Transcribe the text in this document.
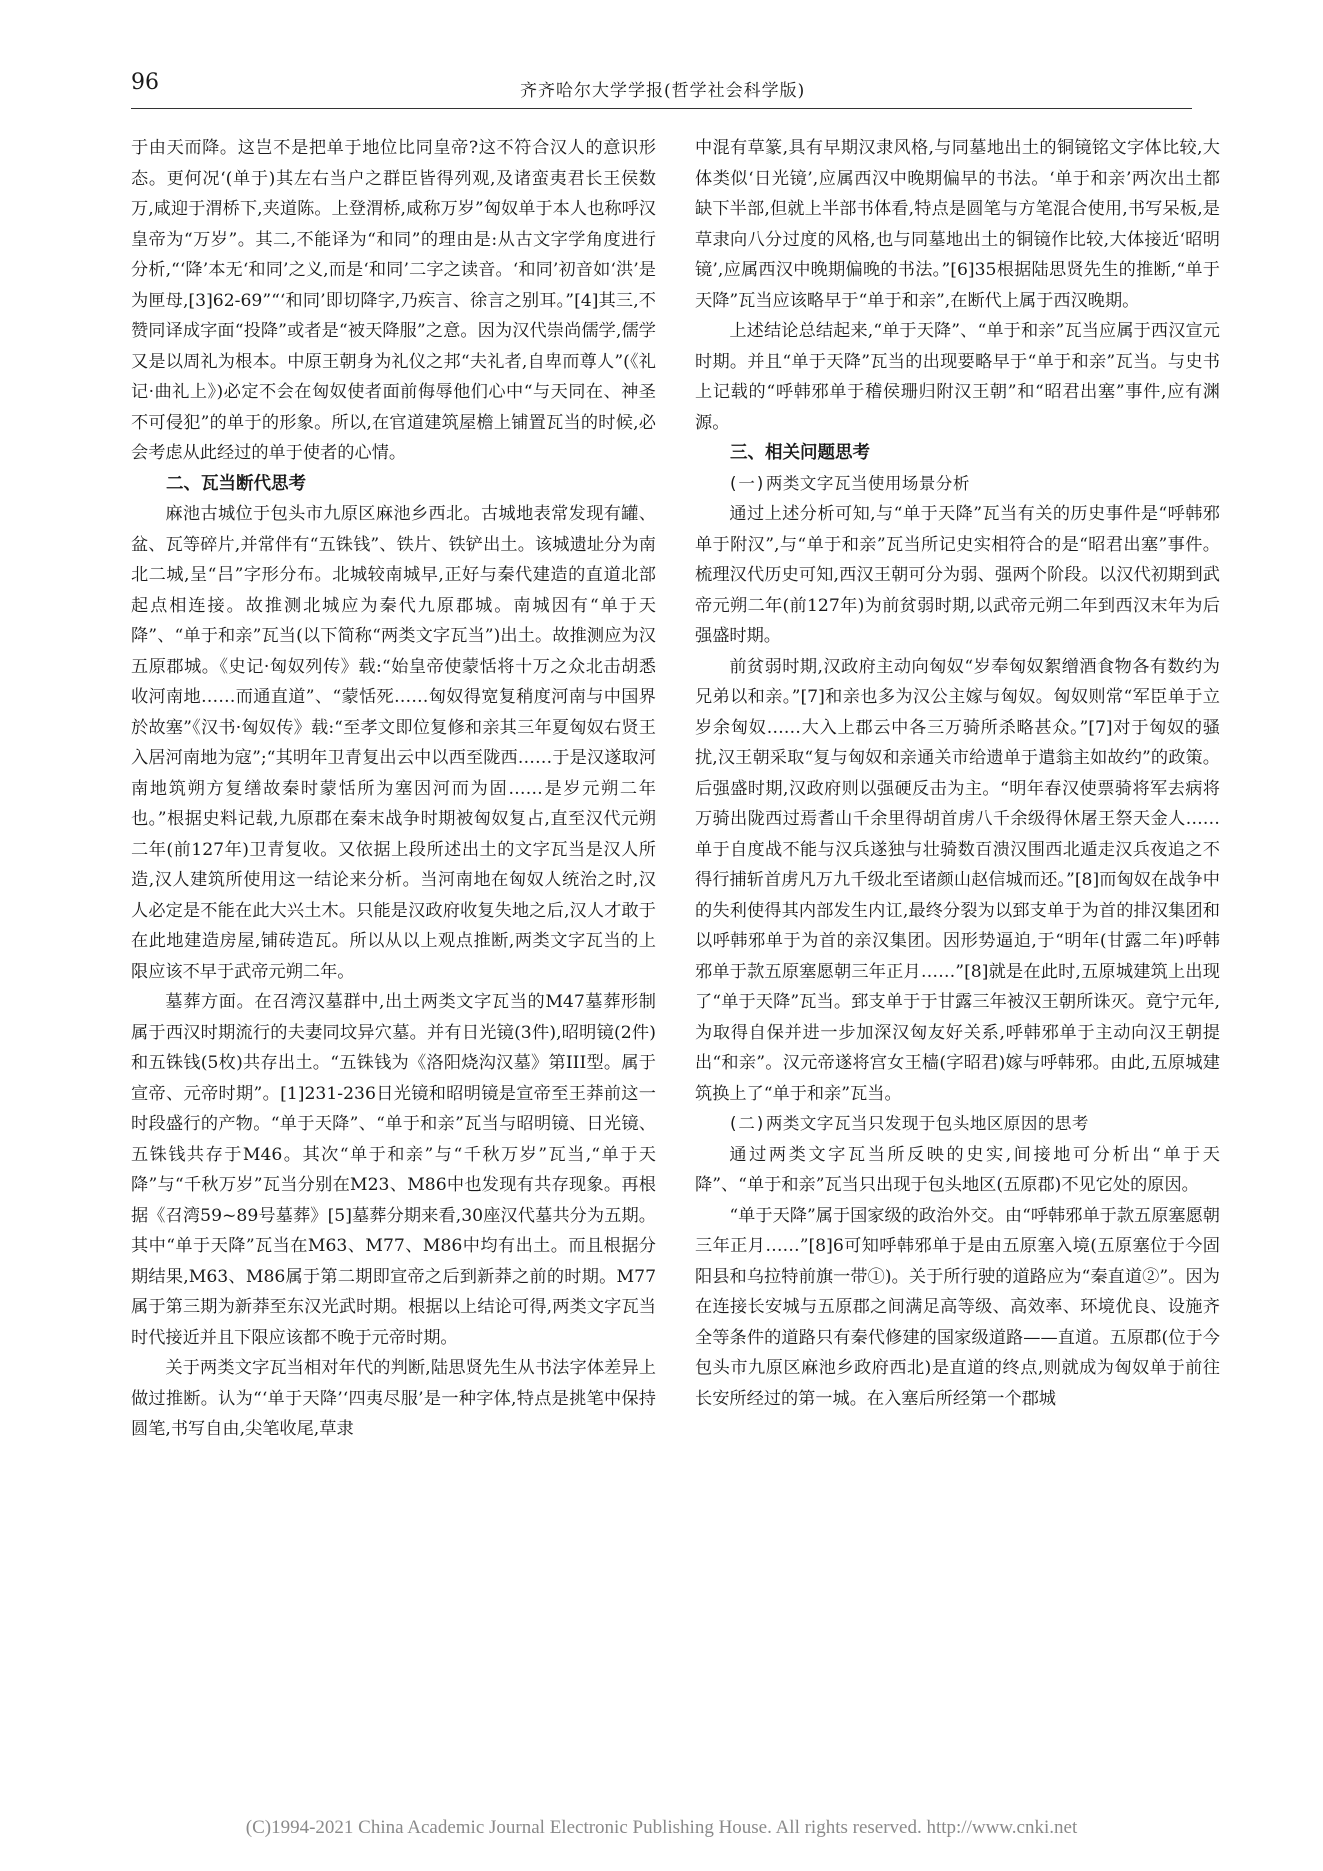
96	齐齐哈尔大学学报(哲学社会科学版)

于由天而降。这岂不是把单于地位比同皇帝?这不符合汉人的意识形态。更何况‘(单于)其左右当户之群臣皆得列观,及诸蛮夷君长王侯数万,咸迎于渭桥下,夹道陈。上登渭桥,咸称万岁”匈奴单于本人也称呼汉皇帝为“万岁”。其二,不能译为“和同”的理由是:从古文字学角度进行分析,“‘降’本无‘和同’之义,而是‘和同’二字之读音。‘和同’初音如‘洪’是为匣母,[3]62-69”“‘和同’即切降字,乃疾言、徐言之别耳。”[4]其三,不赞同译成字面“投降”或者是“被天降服”之意。因为汉代崇尚儒学,儒学又是以周礼为根本。中原王朝身为礼仪之邦“夫礼者,自卑而尊人”(《礼记·曲礼上》)必定不会在匈奴使者面前侮辱他们心中“与天同在、神圣不可侵犯”的单于的形象。所以,在官道建筑屋檐上铺置瓦当的时候,必会考虑从此经过的单于使者的心情。

二、瓦当断代思考

麻池古城位于包头市九原区麻池乡西北。古城地表常发现有罐、盆、瓦等碎片,并常伴有“五铢钱”、铁片、铁铲出土。该城遗址分为南北二城,呈“吕”字形分布。北城较南城早,正好与秦代建造的直道北部起点相连接。故推测北城应为秦代九原郡城。南城因有“单于天降”、“单于和亲”瓦当(以下简称“两类文字瓦当”)出土。故推测应为汉五原郡城。《史记·匈奴列传》载:“始皇帝使蒙恬将十万之众北击胡悉收河南地……而通直道”、“蒙恬死……匈奴得宽复稍度河南与中国界於故塞”《汉书·匈奴传》载:“至孝文即位复修和亲其三年夏匈奴右贤王入居河南地为寇”;“其明年卫青复出云中以西至陇西……于是汉遂取河南地筑朔方复缮故秦时蒙恬所为塞因河而为固……是岁元朔二年也。”根据史料记载,九原郡在秦末战争时期被匈奴复占,直至汉代元朔二年(前127年)卫青复收。又依据上段所述出土的文字瓦当是汉人所造,汉人建筑所使用这一结论来分析。当河南地在匈奴人统治之时,汉人必定是不能在此大兴土木。只能是汉政府收复失地之后,汉人才敢于在此地建造房屋,铺砖造瓦。所以从以上观点推断,两类文字瓦当的上限应该不早于武帝元朔二年。

墓葬方面。在召湾汉墓群中,出土两类文字瓦当的M47墓葬形制属于西汉时期流行的夫妻同坟异穴墓。并有日光镜(3件),昭明镜(2件)和五铢钱(5枚)共存出土。“五铢钱为《洛阳烧沟汉墓》第III型。属于宣帝、元帝时期”。[1]231-236日光镜和昭明镜是宣帝至王莽前这一时段盛行的产物。“单于天降”、“单于和亲”瓦当与昭明镜、日光镜、五铢钱共存于M46。其次“单于和亲”与“千秋万岁”瓦当,“单于天降”与“千秋万岁”瓦当分别在M23、M86中也发现有共存现象。再根据《召湾59~89号墓葬》[5]墓葬分期来看,30座汉代墓共分为五期。其中“单于天降”瓦当在M63、M77、M86中均有出土。而且根据分期结果,M63、M86属于第二期即宣帝之后到新莽之前的时期。M77属于第三期为新莽至东汉光武时期。根据以上结论可得,两类文字瓦当时代接近并且下限应该都不晚于元帝时期。

关于两类文字瓦当相对年代的判断,陆思贤先生从书法字体差异上做过推断。认为“‘单于天降’‘四夷尽服’是一种字体,特点是挑笔中保持圆笔,书写自由,尖笔收尾,草隶

中混有草篆,具有早期汉隶风格,与同墓地出土的铜镜铭文字体比较,大体类似‘日光镜’,应属西汉中晚期偏早的书法。‘单于和亲’两次出土都缺下半部,但就上半部书体看,特点是圆笔与方笔混合使用,书写呆板,是草隶向八分过度的风格,也与同墓地出土的铜镜作比较,大体接近‘昭明镜’,应属西汉中晚期偏晚的书法。”[6]35根据陆思贤先生的推断,“单于天降”瓦当应该略早于“单于和亲”,在断代上属于西汉晚期。

上述结论总结起来,“单于天降”、“单于和亲”瓦当应属于西汉宣元时期。并且“单于天降”瓦当的出现要略早于“单于和亲”瓦当。与史书上记载的“呼韩邪单于稽侯珊归附汉王朝”和“昭君出塞”事件,应有渊源。

三、相关问题思考
(一)两类文字瓦当使用场景分析

通过上述分析可知,与“单于天降”瓦当有关的历史事件是“呼韩邪单于附汉”,与“单于和亲”瓦当所记史实相符合的是“昭君出塞”事件。梳理汉代历史可知,西汉王朝可分为弱、强两个阶段。以汉代初期到武帝元朔二年(前127年)为前贫弱时期,以武帝元朔二年到西汉末年为后强盛时期。

前贫弱时期,汉政府主动向匈奴“岁奉匈奴絮缯酒食物各有数约为兄弟以和亲。”[7]和亲也多为汉公主嫁与匈奴。匈奴则常“军臣单于立岁余匈奴……大入上郡云中各三万骑所杀略甚众。”[7]对于匈奴的骚扰,汉王朝采取“复与匈奴和亲通关市给遗单于遣翁主如故约”的政策。后强盛时期,汉政府则以强硬反击为主。“明年春汉使票骑将军去病将万骑出陇西过焉耆山千余里得胡首虏八千余级得休屠王祭天金人……单于自度战不能与汉兵遂独与壮骑数百溃汉围西北遁走汉兵夜追之不得行捕斩首虏凡万九千级北至诸颜山赵信城而还。”[8]而匈奴在战争中的失利使得其内部发生内讧,最终分裂为以郅支单于为首的排汉集团和以呼韩邪单于为首的亲汉集团。因形势逼迫,于“明年(甘露二年)呼韩邪单于款五原塞愿朝三年正月……”[8]就是在此时,五原城建筑上出现了“单于天降”瓦当。郅支单于于甘露三年被汉王朝所诛灭。竟宁元年,为取得自保并进一步加深汉匈友好关系,呼韩邪单于主动向汉王朝提出“和亲”。汉元帝遂将宫女王樯(字昭君)嫁与呼韩邪。由此,五原城建筑换上了“单于和亲”瓦当。

(二)两类文字瓦当只发现于包头地区原因的思考

通过两类文字瓦当所反映的史实,间接地可分析出“单于天降”、“单于和亲”瓦当只出现于包头地区(五原郡)不见它处的原因。

“单于天降”属于国家级的政治外交。由“呼韩邪单于款五原塞愿朝三年正月……”[8]6可知呼韩邪单于是由五原塞入境(五原塞位于今固阳县和乌拉特前旗一带①)。关于所行驶的道路应为“秦直道②”。因为在连接长安城与五原郡之间满足高等级、高效率、环境优良、设施齐全等条件的道路只有秦代修建的国家级道路——直道。五原郡(位于今包头市九原区麻池乡政府西北)是直道的终点,则就成为匈奴单于前往长安所经过的第一城。在入塞后所经第一个郡城

(C)1994-2021 China Academic Journal Electronic Publishing House. All rights reserved. http://www.cnki.net
